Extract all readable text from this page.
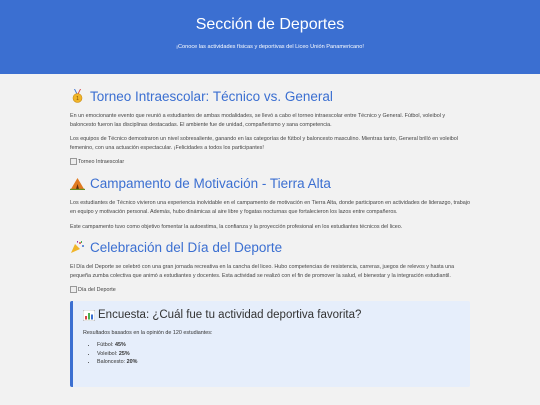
Sección de Deportes

¡Conoce las actividades físicas y deportivas del Liceo Unión Panamericano!

1 Torneo Intraescolar: Técnico vs. General

En un emocionante evento que reunió a estudiantes de ambas modalidades, se llevó a cabo el torneo intraescolar entre Técnico y General. Fútbol, voleibol y baloncesto fueron las disciplinas destacadas. El ambiente fue de unidad, compañerismo y sana competencia.

Los equipos de Técnico demostraron un nivel sobresaliente, ganando en las categorías de fútbol y baloncesto masculino. Mientras tanto, General brilló en voleibol femenino, con una actuación espectacular. ¡Felicidades a todos los participantes!

Torneo Intraescolar
Campamento de Motivación - Tierra Alta

Los estudiantes de Técnico vivieron una experiencia inolvidable en el campamento de motivación en Tierra Alta, donde participaron en actividades de liderazgo, trabajo en equipo y motivación personal. Además, hubo dinámicas al aire libre y fogatas nocturnas que fortalecieron los lazos entre compañeros.

Este campamento tuvo como objetivo fomentar la autoestima, la confianza y la proyección profesional en los estudiantes técnicos del liceo.

Celebración del Día del Deporte

El Día del Deporte se celebró con una gran jornada recreativa en la cancha del liceo. Hubo competencias de resistencia, carreras, juegos de relevos y hasta una pequeña zumba colectiva que animó a estudiantes y docentes. Esta actividad se realizó con el fin de promover la salud, el bienestar y la integración estudiantil.

Día del Deporte
Encuesta: ¿Cuál fue tu actividad deportiva favorita?
Resultados basados en la opinión de 120 estudiantes:
• Fútbol: 45%
• Voleibol: 25%
• Baloncesto: 20%
